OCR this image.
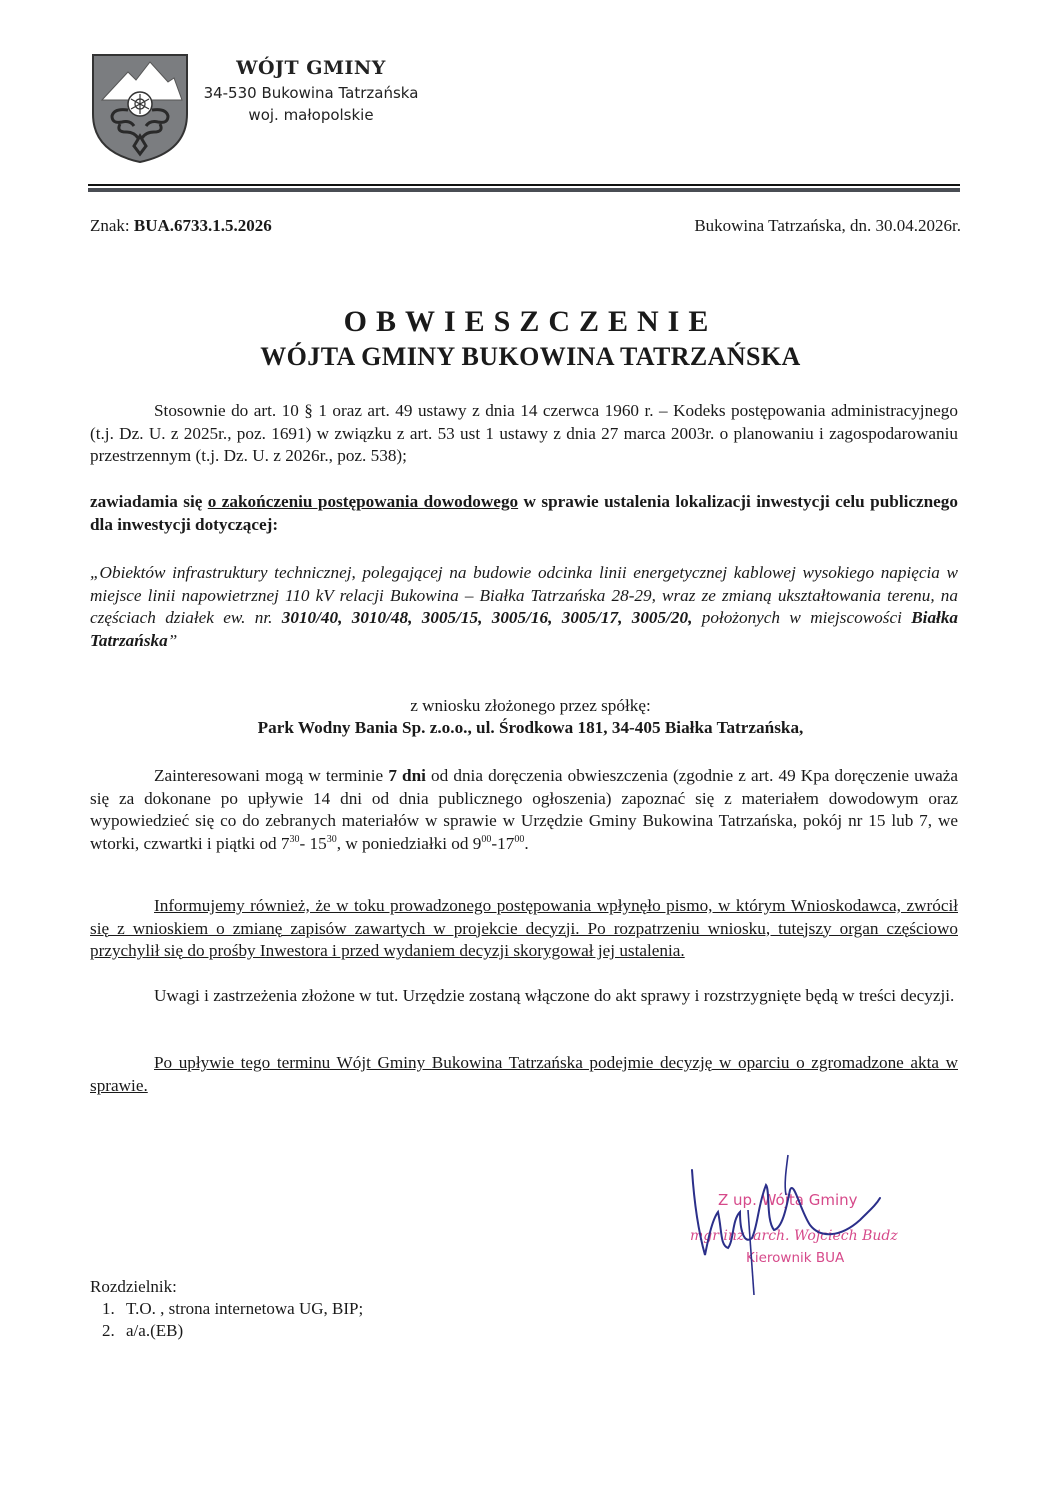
WÓJT GMINY
34-530 Bukowina Tatrzańska
woj. małopolskie
Znak: BUA.6733.1.5.2026	Bukowina Tatrzańska, dn. 30.04.2026r.
OBWIESZCZENIE
WÓJTA GMINY BUKOWINA TATRZAŃSKA
Stosownie do art. 10 § 1 oraz art. 49 ustawy z dnia 14 czerwca 1960 r. – Kodeks postępowania administracyjnego (t.j. Dz. U. z 2025r., poz. 1691) w związku z art. 53 ust 1 ustawy z dnia 27 marca 2003r. o planowaniu i zagospodarowaniu przestrzennym (t.j. Dz. U. z 2026r., poz. 538);
zawiadamia się o zakończeniu postępowania dowodowego w sprawie ustalenia lokalizacji inwestycji celu publicznego dla inwestycji dotyczącej:
„Obiektów infrastruktury technicznej, polegającej na budowie odcinka linii energetycznej kablowej wysokiego napięcia w miejsce linii napowietrznej 110 kV relacji Bukowina – Białka Tatrzańska 28-29, wraz ze zmianą ukształtowania terenu, na częściach działek ew. nr. 3010/40, 3010/48, 3005/15, 3005/16, 3005/17, 3005/20, położonych w miejscowości Białka Tatrzańska”
z wniosku złożonego przez spółkę:
Park Wodny Bania Sp. z.o.o., ul. Środkowa 181, 34-405 Białka Tatrzańska,
Zainteresowani mogą w terminie 7 dni od dnia doręczenia obwieszczenia (zgodnie z art. 49 Kpa doręczenie uważa się za dokonane po upływie 14 dni od dnia publicznego ogłoszenia) zapoznać się z materiałem dowodowym oraz wypowiedzieć się co do zebranych materiałów w sprawie w Urzędzie Gminy Bukowina Tatrzańska, pokój nr 15 lub 7, we wtorki, czwartki i piątki od $7^{30}-$ $15^{30}$, w poniedziałki od $9^{00}-17^{00}$.
Informujemy również, że w toku prowadzonego postępowania wpłynęło pismo, w którym Wnioskodawca, zwrócił się z wnioskiem o zmianę zapisów zawartych w projekcie decyzji. Po rozpatrzeniu wniosku, tutejszy organ częściowo przychylił się do prośby Inwestora i przed wydaniem decyzji skorygował jej ustalenia.
Uwagi i zastrzeżenia złożone w tut. Urzędzie zostaną włączone do akt sprawy i rozstrzygnięte będą w treści decyzji.
Po upływie tego terminu Wójt Gminy Bukowina Tatrzańska podejmie decyzję w oparciu o zgromadzone akta w sprawie.
Z up. Wójta Gminy
mgr inż. arch. Wojciech Budz
Kierownik BUA
Rozdzielnik:
1. T.O. , strona internetowa UG, BIP;
2. a/a.(EB)
